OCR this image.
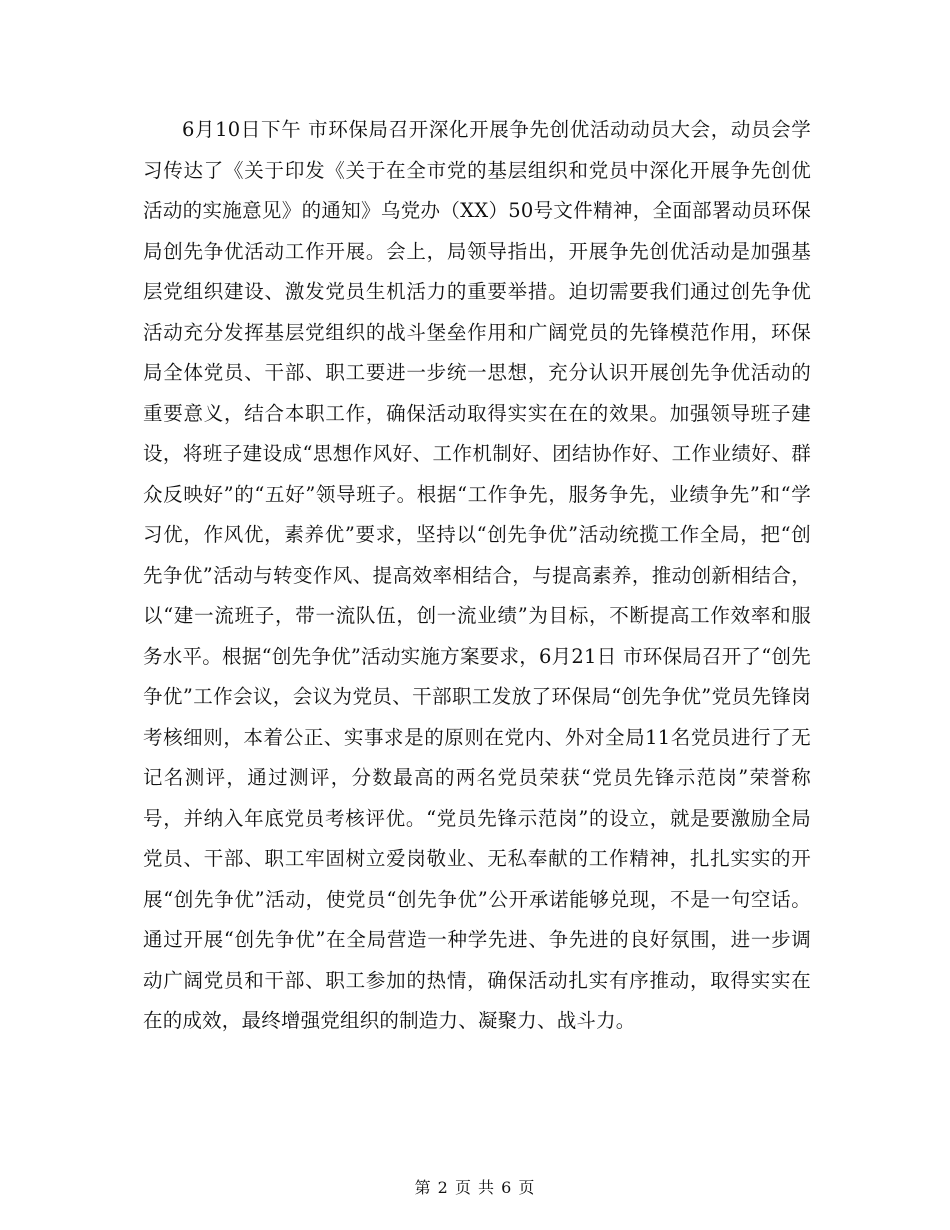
6月10日下午 市环保局召开深化开展争先创优活动动员大会，动员会学习传达了《关于印发《关于在全市党的基层组织和党员中深化开展争先创优活动的实施意见》的通知》乌党办（XX）50号文件精神，全面部署动员环保局创先争优活动工作开展。会上，局领导指出，开展争先创优活动是加强基层党组织建设、激发党员生机活力的重要举措。迫切需要我们通过创先争优活动充分发挥基层党组织的战斗堡垒作用和广阔党员的先锋模范作用，环保局全体党员、干部、职工要进一步统一思想，充分认识开展创先争优活动的重要意义，结合本职工作，确保活动取得实实在在的效果。加强领导班子建设，将班子建设成“思想作风好、工作机制好、团结协作好、工作业绩好、群众反映好”的“五好”领导班子。根据“工作争先，服务争先，业绩争先”和“学习优，作风优，素养优”要求，坚持以“创先争优”活动统揽工作全局，把“创先争优”活动与转变作风、提高效率相结合，与提高素养，推动创新相结合，以“建一流班子，带一流队伍，创一流业绩”为目标，不断提高工作效率和服务水平。根据“创先争优”活动实施方案要求，6月21日 市环保局召开了“创先争优”工作会议，会议为党员、干部职工发放了环保局“创先争优”党员先锋岗考核细则，本着公正、实事求是的原则在党内、外对全局11名党员进行了无记名测评，通过测评，分数最高的两名党员荣获“党员先锋示范岗”荣誉称号，并纳入年底党员考核评优。“党员先锋示范岗”的设立，就是要激励全局党员、干部、职工牢固树立爱岗敬业、无私奉献的工作精神，扎扎实实的开展“创先争优”活动，使党员“创先争优”公开承诺能够兑现，不是一句空话。通过开展“创先争优”在全局营造一种学先进、争先进的良好氛围，进一步调动广阔党员和干部、职工参加的热情，确保活动扎实有序推动，取得实实在在的成效，最终增强党组织的制造力、凝聚力、战斗力。

第 2 页 共 6 页
